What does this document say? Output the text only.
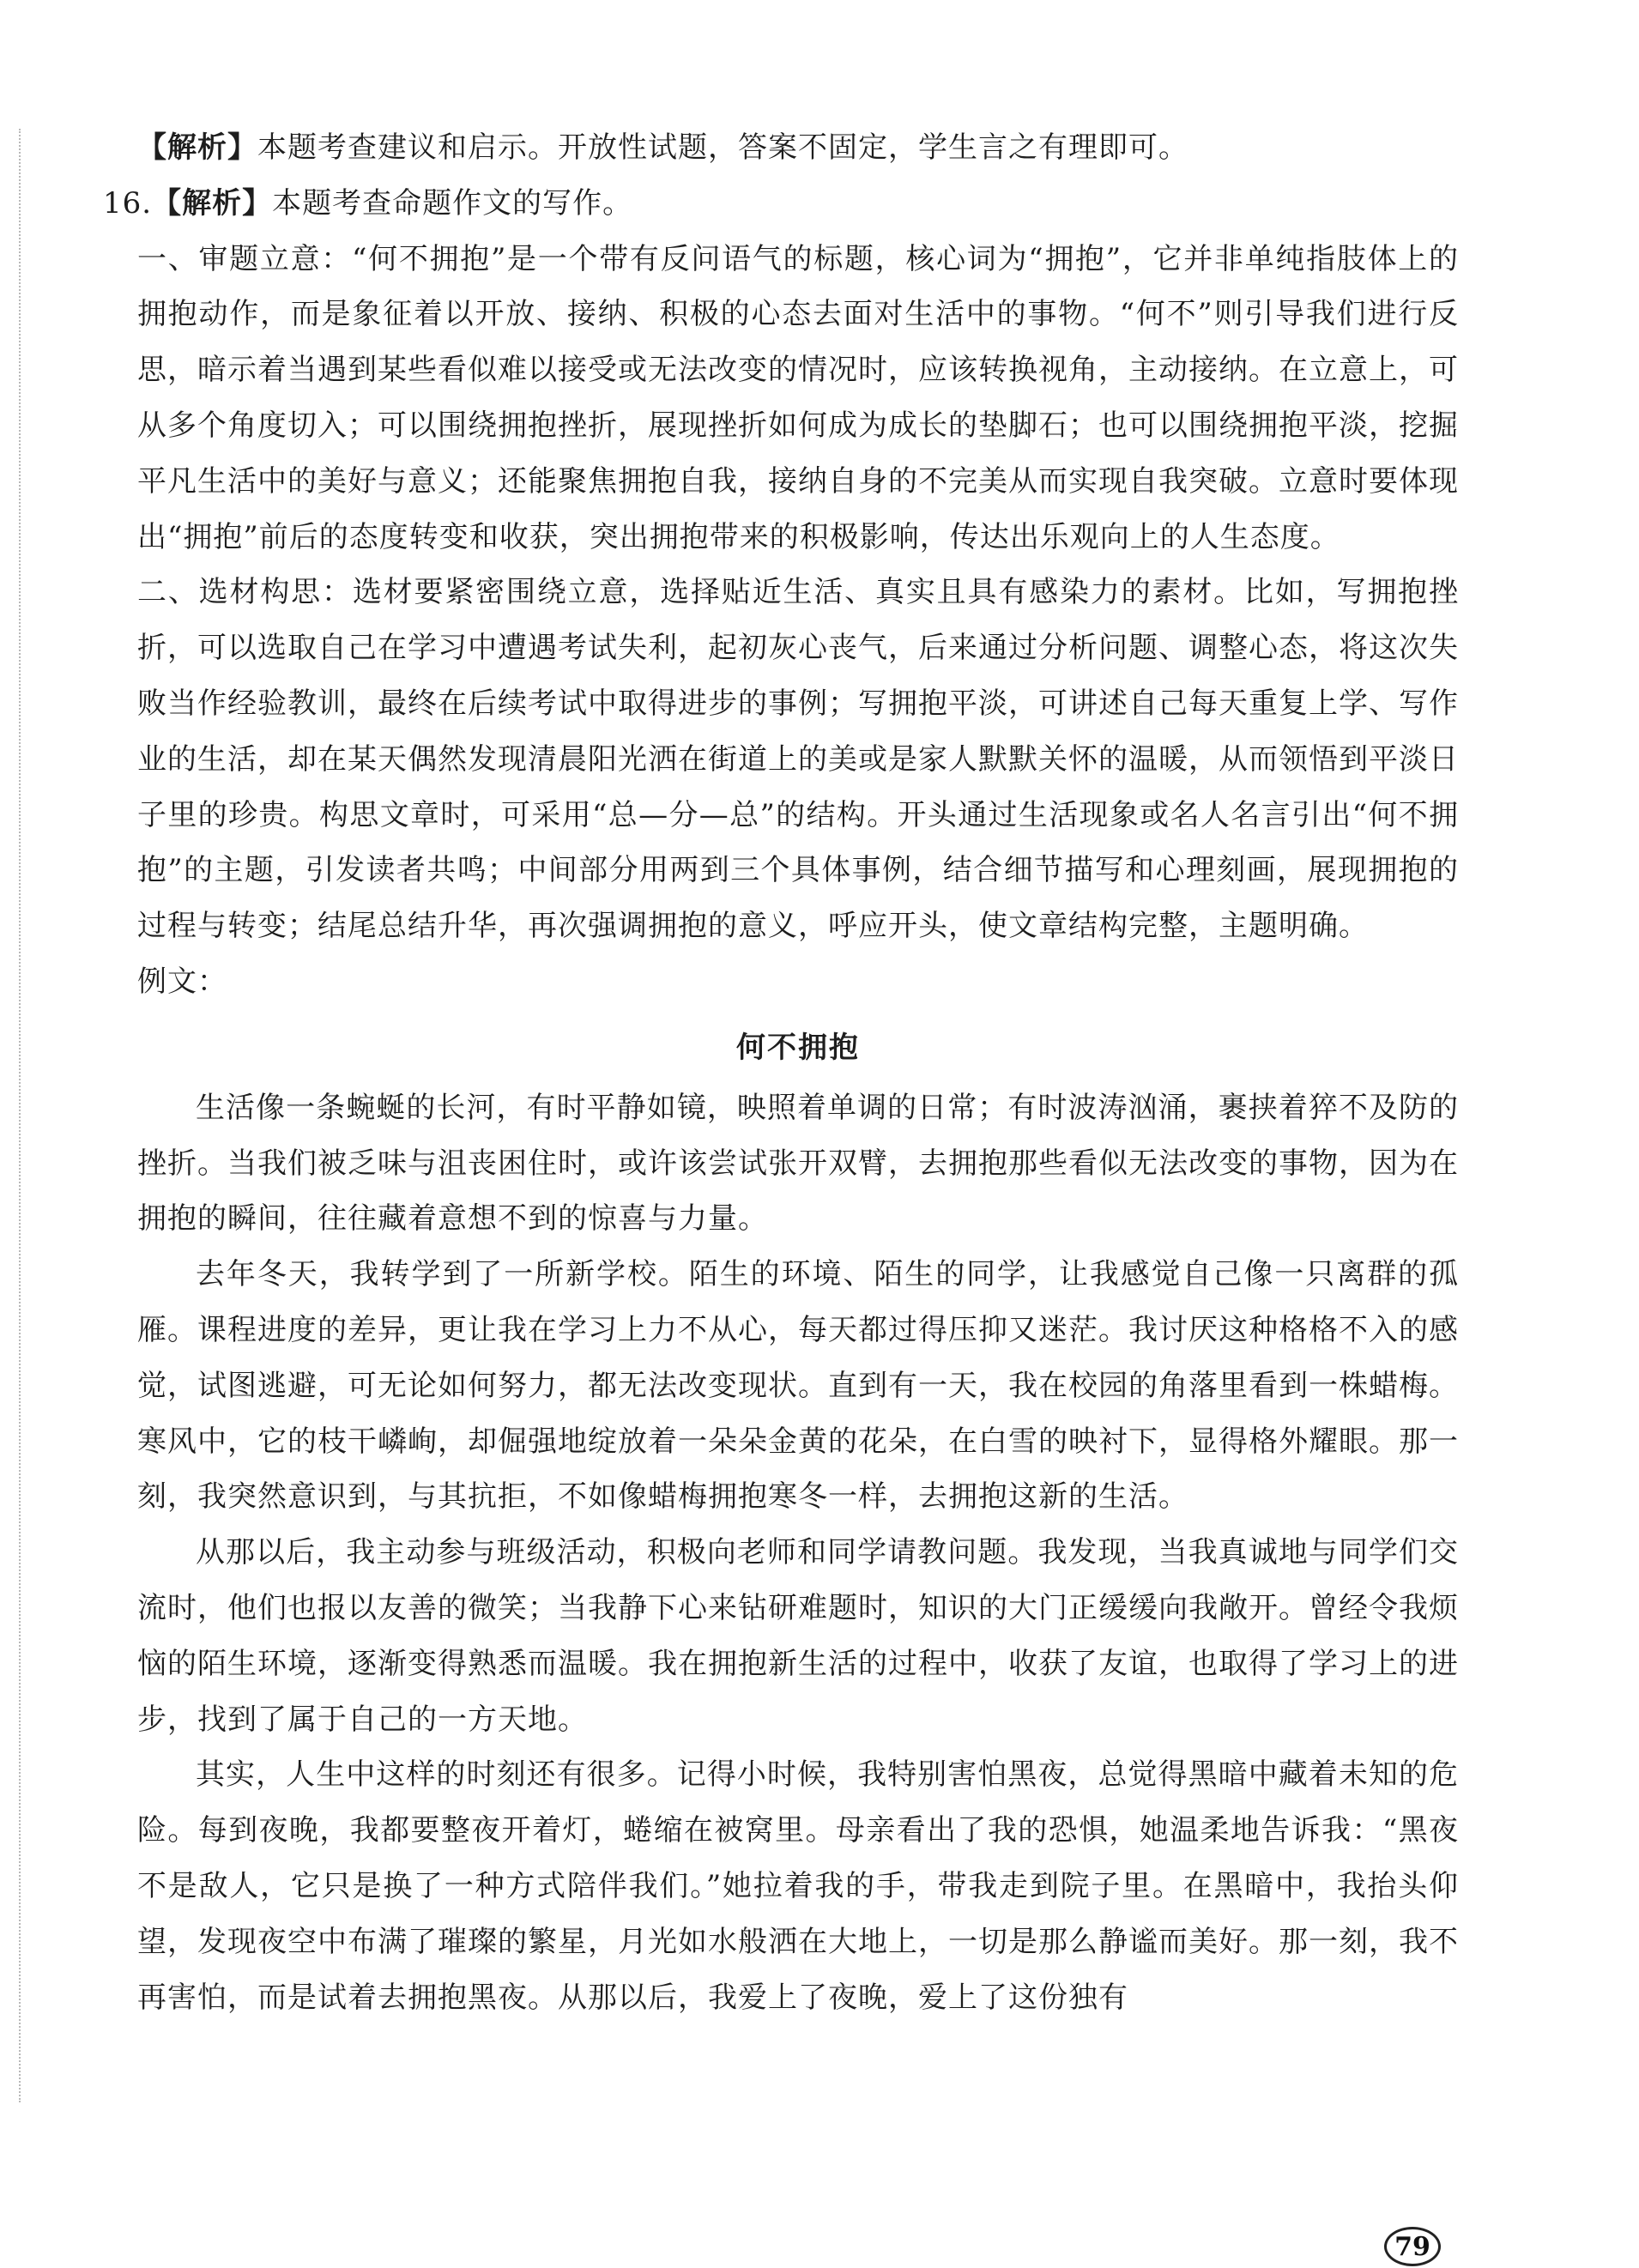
【解析】本题考查建议和启示。开放性试题，答案不固定，学生言之有理即可。

16.【解析】本题考查命题作文的写作。

一、审题立意：“何不拥抱”是一个带有反问语气的标题，核心词为“拥抱”，它并非单纯指肢体上的拥抱动作，而是象征着以开放、接纳、积极的心态去面对生活中的事物。“何不”则引导我们进行反思，暗示着当遇到某些看似难以接受或无法改变的情况时，应该转换视角，主动接纳。在立意上，可从多个角度切入；可以围绕拥抱挫折，展现挫折如何成为成长的垫脚石；也可以围绕拥抱平淡，挖掘平凡生活中的美好与意义；还能聚焦拥抱自我，接纳自身的不完美从而实现自我突破。立意时要体现出“拥抱”前后的态度转变和收获，突出拥抱带来的积极影响，传达出乐观向上的人生态度。

二、选材构思：选材要紧密围绕立意，选择贴近生活、真实且具有感染力的素材。比如，写拥抱挫折，可以选取自己在学习中遭遇考试失利，起初灰心丧气，后来通过分析问题、调整心态，将这次失败当作经验教训，最终在后续考试中取得进步的事例；写拥抱平淡，可讲述自己每天重复上学、写作业的生活，却在某天偶然发现清晨阳光洒在街道上的美或是家人默默关怀的温暖，从而领悟到平淡日子里的珍贵。构思文章时，可采用“总—分—总”的结构。开头通过生活现象或名人名言引出“何不拥抱”的主题，引发读者共鸣；中间部分用两到三个具体事例，结合细节描写和心理刻画，展现拥抱的过程与转变；结尾总结升华，再次强调拥抱的意义，呼应开头，使文章结构完整，主题明确。

例文：

何不拥抱

生活像一条蜿蜒的长河，有时平静如镜，映照着单调的日常；有时波涛汹涌，裹挟着猝不及防的挫折。当我们被乏味与沮丧困住时，或许该尝试张开双臂，去拥抱那些看似无法改变的事物，因为在拥抱的瞬间，往往藏着意想不到的惊喜与力量。

去年冬天，我转学到了一所新学校。陌生的环境、陌生的同学，让我感觉自己像一只离群的孤雁。课程进度的差异，更让我在学习上力不从心，每天都过得压抑又迷茫。我讨厌这种格格不入的感觉，试图逃避，可无论如何努力，都无法改变现状。直到有一天，我在校园的角落里看到一株蜡梅。寒风中，它的枝干嶙峋，却倔强地绽放着一朵朵金黄的花朵，在白雪的映衬下，显得格外耀眼。那一刻，我突然意识到，与其抗拒，不如像蜡梅拥抱寒冬一样，去拥抱这新的生活。

从那以后，我主动参与班级活动，积极向老师和同学请教问题。我发现，当我真诚地与同学们交流时，他们也报以友善的微笑；当我静下心来钻研难题时，知识的大门正缓缓向我敞开。曾经令我烦恼的陌生环境，逐渐变得熟悉而温暖。我在拥抱新生活的过程中，收获了友谊，也取得了学习上的进步，找到了属于自己的一方天地。

其实，人生中这样的时刻还有很多。记得小时候，我特别害怕黑夜，总觉得黑暗中藏着未知的危险。每到夜晚，我都要整夜开着灯，蜷缩在被窝里。母亲看出了我的恐惧，她温柔地告诉我：“黑夜不是敌人，它只是换了一种方式陪伴我们。”她拉着我的手，带我走到院子里。在黑暗中，我抬头仰望，发现夜空中布满了璀璨的繁星，月光如水般洒在大地上，一切是那么静谧而美好。那一刻，我不再害怕，而是试着去拥抱黑夜。从那以后，我爱上了夜晚，爱上了这份独有

79
